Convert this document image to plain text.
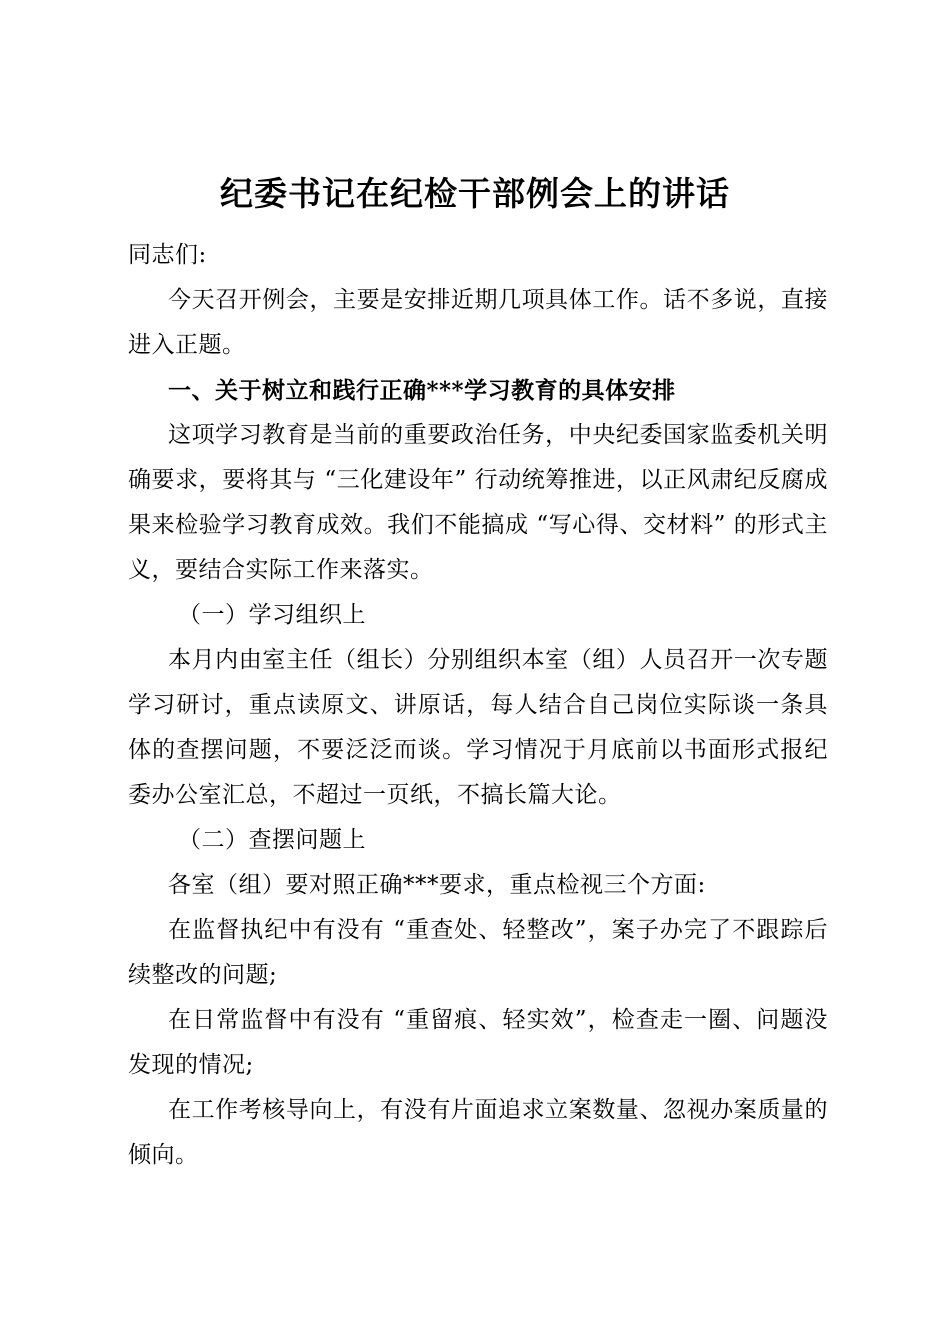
纪委书记在纪检干部例会上的讲话

同志们:

今天召开例会，主要是安排近期几项具体工作。话不多说，直接进入正题。

一、关于树立和践行正确***学习教育的具体安排

这项学习教育是当前的重要政治任务，中央纪委国家监委机关明确要求，要将其与 “三化建设年” 行动统筹推进，以正风肃纪反腐成果来检验学习教育成效。我们不能搞成 “写心得、交材料” 的形式主义，要结合实际工作来落实。

（一）学习组织上

本月内由室主任（组长）分别组织本室（组）人员召开一次专题学习研讨，重点读原文、讲原话，每人结合自己岗位实际谈一条具体的查摆问题，不要泛泛而谈。学习情况于月底前以书面形式报纪委办公室汇总，不超过一页纸，不搞长篇大论。

（二）查摆问题上

各室（组）要对照正确***要求，重点检视三个方面:

在监督执纪中有没有 “重查处、轻整改”，案子办完了不跟踪后续整改的问题;

在日常监督中有没有 “重留痕、轻实效”，检查走一圈、问题没发现的情况;

在工作考核导向上，有没有片面追求立案数量、忽视办案质量的倾向。
